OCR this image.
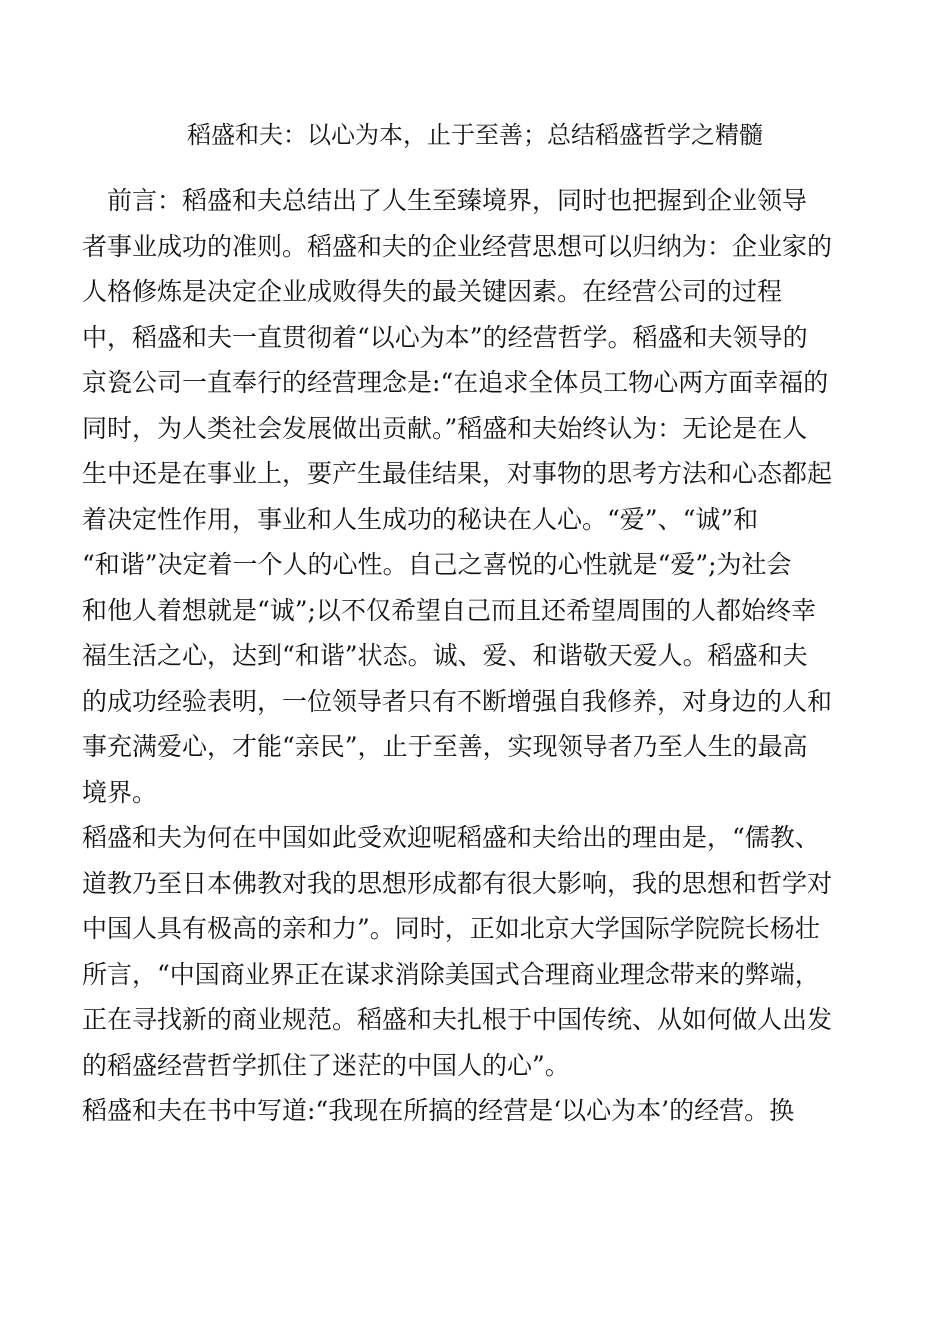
稻盛和夫：以心为本，止于至善；总结稻盛哲学之精髓
　前言：稻盛和夫总结出了人生至臻境界，同时也把握到企业领导
者事业成功的准则。稻盛和夫的企业经营思想可以归纳为：企业家的
人格修炼是决定企业成败得失的最关键因素。在经营公司的过程
中，稻盛和夫一直贯彻着“以心为本”的经营哲学。稻盛和夫领导的
京瓷公司一直奉行的经营理念是:“在追求全体员工物心两方面幸福的
同时，为人类社会发展做出贡献。”稻盛和夫始终认为：无论是在人
生中还是在事业上，要产生最佳结果，对事物的思考方法和心态都起
着决定性作用，事业和人生成功的秘诀在人心。“爱”、“诚”和
“和谐”决定着一个人的心性。自己之喜悦的心性就是“爱”;为社会
和他人着想就是“诚”;以不仅希望自己而且还希望周围的人都始终幸
福生活之心，达到“和谐”状态。诚、爱、和谐敬天爱人。稻盛和夫
的成功经验表明，一位领导者只有不断增强自我修养，对身边的人和
事充满爱心，才能“亲民”，止于至善，实现领导者乃至人生的最高
境界。
稻盛和夫为何在中国如此受欢迎呢稻盛和夫给出的理由是，“儒教、
道教乃至日本佛教对我的思想形成都有很大影响，我的思想和哲学对
中国人具有极高的亲和力”。同时，正如北京大学国际学院院长杨壮
所言，“中国商业界正在谋求消除美国式合理商业理念带来的弊端，
正在寻找新的商业规范。稻盛和夫扎根于中国传统、从如何做人出发
的稻盛经营哲学抓住了迷茫的中国人的心”。
稻盛和夫在书中写道:“我现在所搞的经营是‘以心为本’的经营。换
